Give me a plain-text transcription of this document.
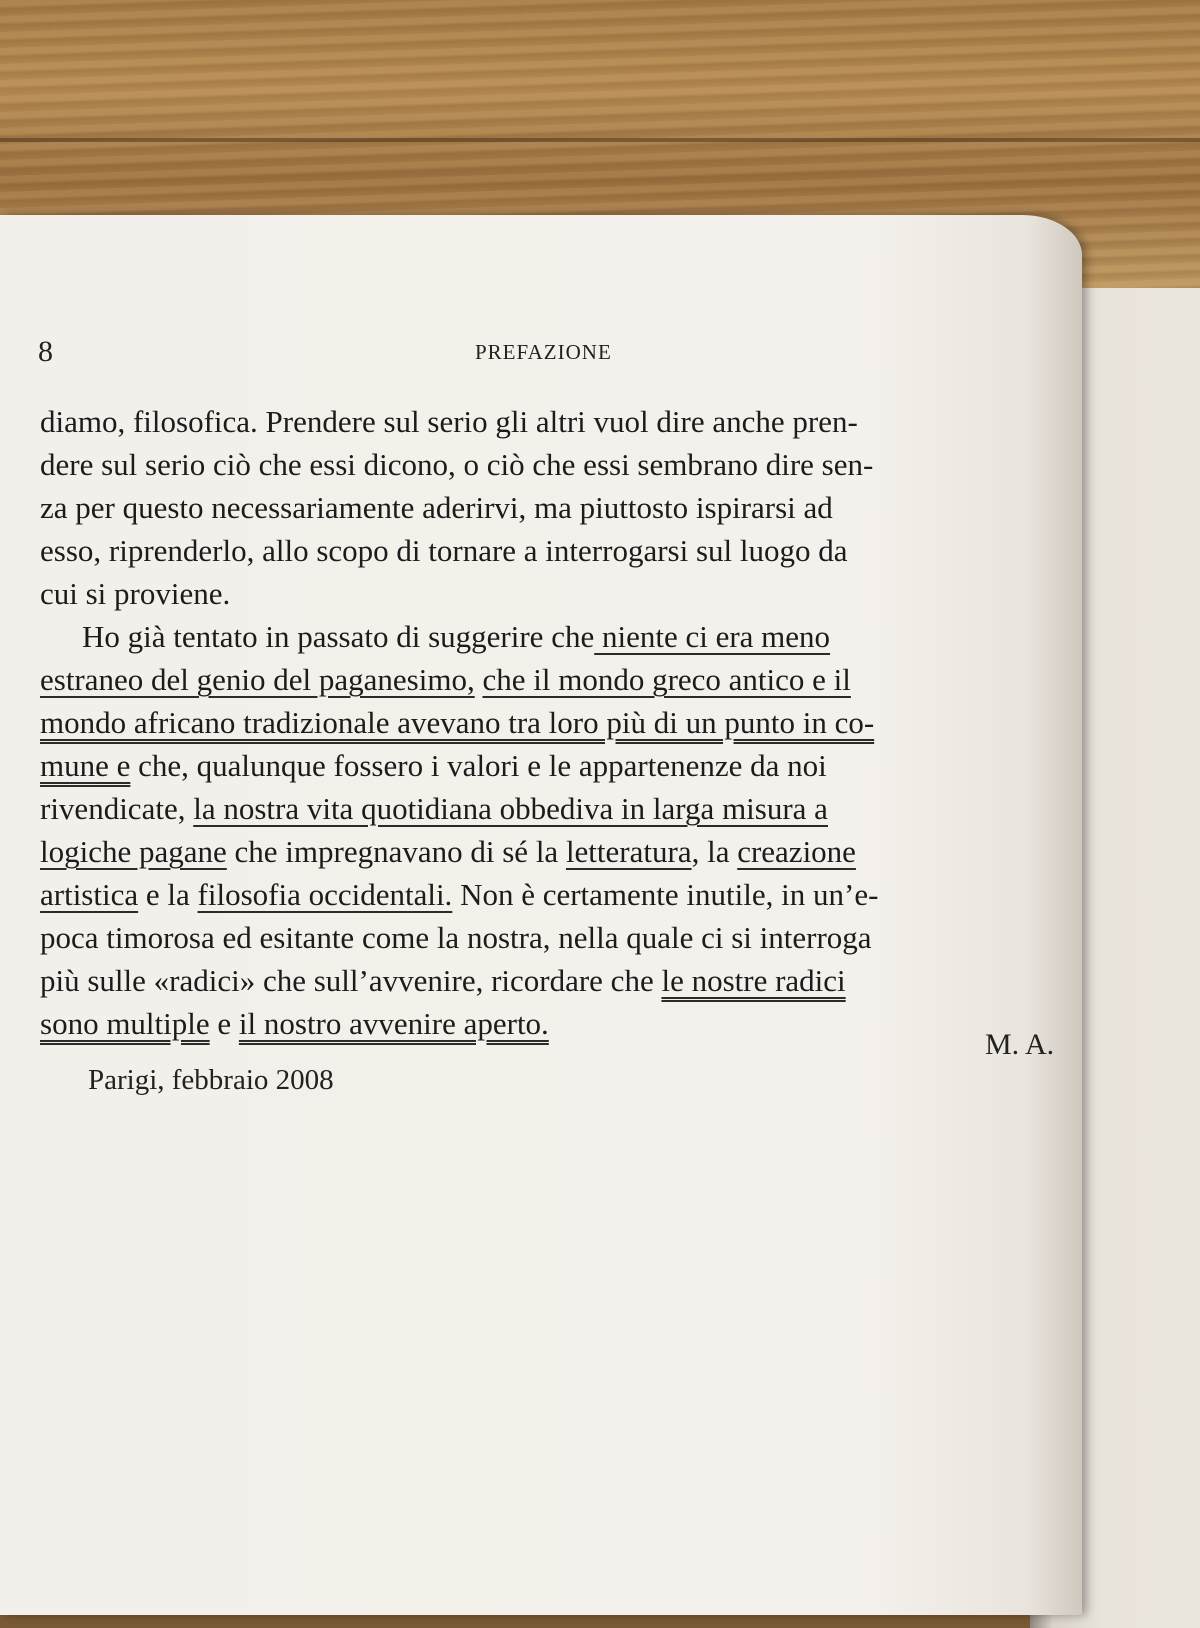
8	PREFAZIONE
diamo, filosofica. Prendere sul serio gli altri vuol dire anche pren-
dere sul serio ciò che essi dicono, o ciò che essi sembrano dire sen-
za per questo necessariamente aderirvi, ma piuttosto ispirarsi ad
esso, riprenderlo, allo scopo di tornare a interrogarsi sul luogo da
cui si proviene.
Ho già tentato in passato di suggerire che niente ci era meno
estraneo del genio del paganesimo, che il mondo greco antico e il
mondo africano tradizionale avevano tra loro più di un punto in co-
mune e che, qualunque fossero i valori e le appartenenze da noi
rivendicate, la nostra vita quotidiana obbediva in larga misura a
logiche pagane che impregnavano di sé la letteratura, la creazione
artistica e la filosofia occidentali. Non è certamente inutile, in un’e-
poca timorosa ed esitante come la nostra, nella quale ci si interroga
più sulle «radici» che sull’avvenire, ricordare che le nostre radici
sono multiple e il nostro avvenire aperto.
M. A.
Parigi, febbraio 2008
